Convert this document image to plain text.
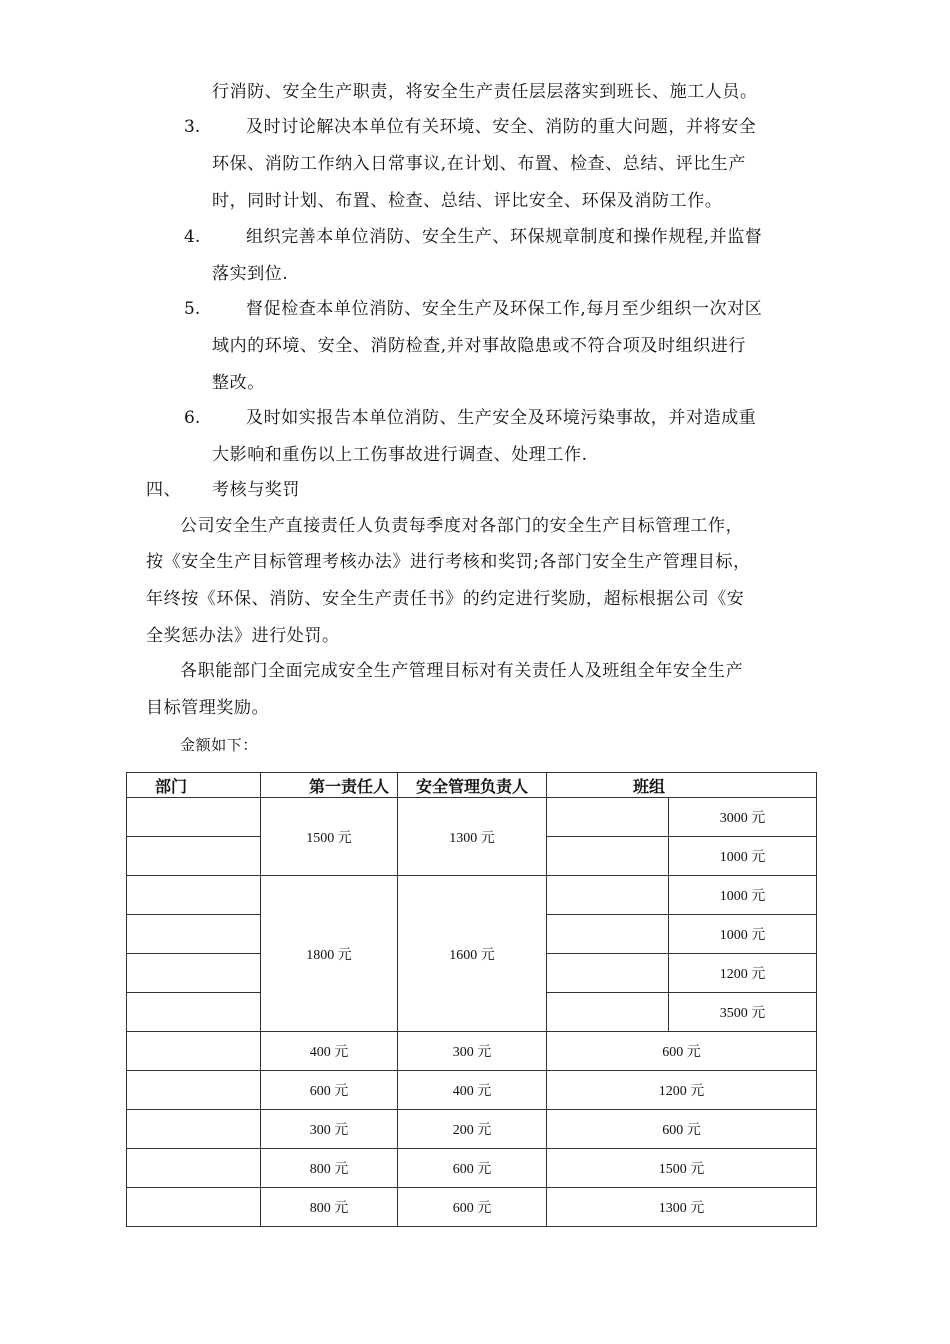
行消防、安全生产职责，将安全生产责任层层落实到班长、施工人员。
3.	及时讨论解决本单位有关环境、安全、消防的重大问题，并将安全
环保、消防工作纳入日常事议,在计划、布置、检查、总结、评比生产
时，同时计划、布置、检查、总结、评比安全、环保及消防工作。
4.	组织完善本单位消防、安全生产、环保规章制度和操作规程,并监督
落实到位.
5.	督促检查本单位消防、安全生产及环保工作,每月至少组织一次对区
域内的环境、安全、消防检查,并对事故隐患或不符合项及时组织进行
整改。
6.	及时如实报告本单位消防、生产安全及环境污染事故，并对造成重
大影响和重伤以上工伤事故进行调查、处理工作.
四、 考核与奖罚
公司安全生产直接责任人负责每季度对各部门的安全生产目标管理工作，
按《安全生产目标管理考核办法》进行考核和奖罚;各部门安全生产管理目标，
年终按《环保、消防、安全生产责任书》的约定进行奖励，超标根据公司《安
全奖惩办法》进行处罚。
各职能部门全面完成安全生产管理目标对有关责任人及班组全年安全生产
目标管理奖励。
金额如下：
部门	第一责任人	安全管理负责人	班组	
	1500 元	1300 元		3000 元
				1000 元
	1800 元	1600 元		1000 元
				1000 元
				1200 元
				3500 元
	400 元	300 元	600 元	
	600 元	400 元	1200 元	
	300 元	200 元	600 元	
	800 元	600 元	1500 元	
	800 元	600 元	1300 元	
